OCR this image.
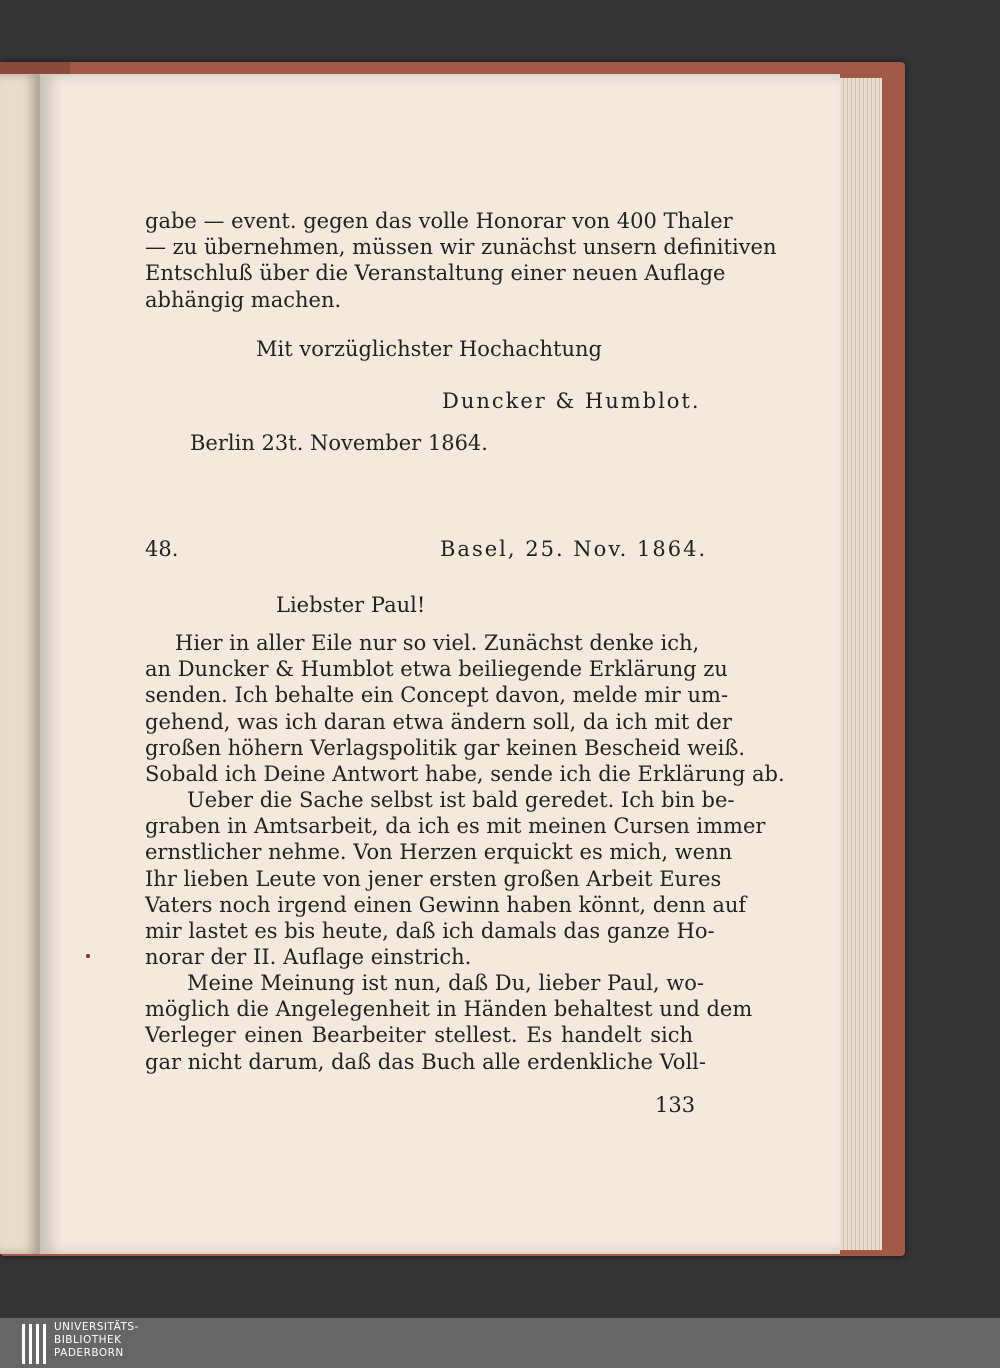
gabe — event. gegen das volle Honorar von 400 Thaler
— zu übernehmen, müssen wir zunächst unsern definitiven
Entschluß über die Veranstaltung einer neuen Auflage
abhängig machen.

Mit vorzüglichster Hochachtung

Duncker & Humblot.

Berlin 23t. November 1864.

48.	Basel, 25. Nov. 1864.

Liebster Paul!

Hier in aller Eile nur so viel. Zunächst denke ich,
an Duncker & Humblot etwa beiliegende Erklärung zu
senden. Ich behalte ein Concept davon, melde mir um-
gehend, was ich daran etwa ändern soll, da ich mit der
großen höhern Verlagspolitik gar keinen Bescheid weiß.
Sobald ich Deine Antwort habe, sende ich die Erklärung ab.
Ueber die Sache selbst ist bald geredet. Ich bin be-
graben in Amtsarbeit, da ich es mit meinen Cursen immer
ernstlicher nehme. Von Herzen erquickt es mich, wenn
Ihr lieben Leute von jener ersten großen Arbeit Eures
Vaters noch irgend einen Gewinn haben könnt, denn auf
mir lastet es bis heute, daß ich damals das ganze Ho-
norar der II. Auflage einstrich.
Meine Meinung ist nun, daß Du, lieber Paul, wo-
möglich die Angelegenheit in Händen behaltest und dem
Verleger einen Bearbeiter stellest. Es handelt sich
gar nicht darum, daß das Buch alle erdenkliche Voll-

133

UNIVERSITÄTS-
BIBLIOTHEK
PADERBORN
